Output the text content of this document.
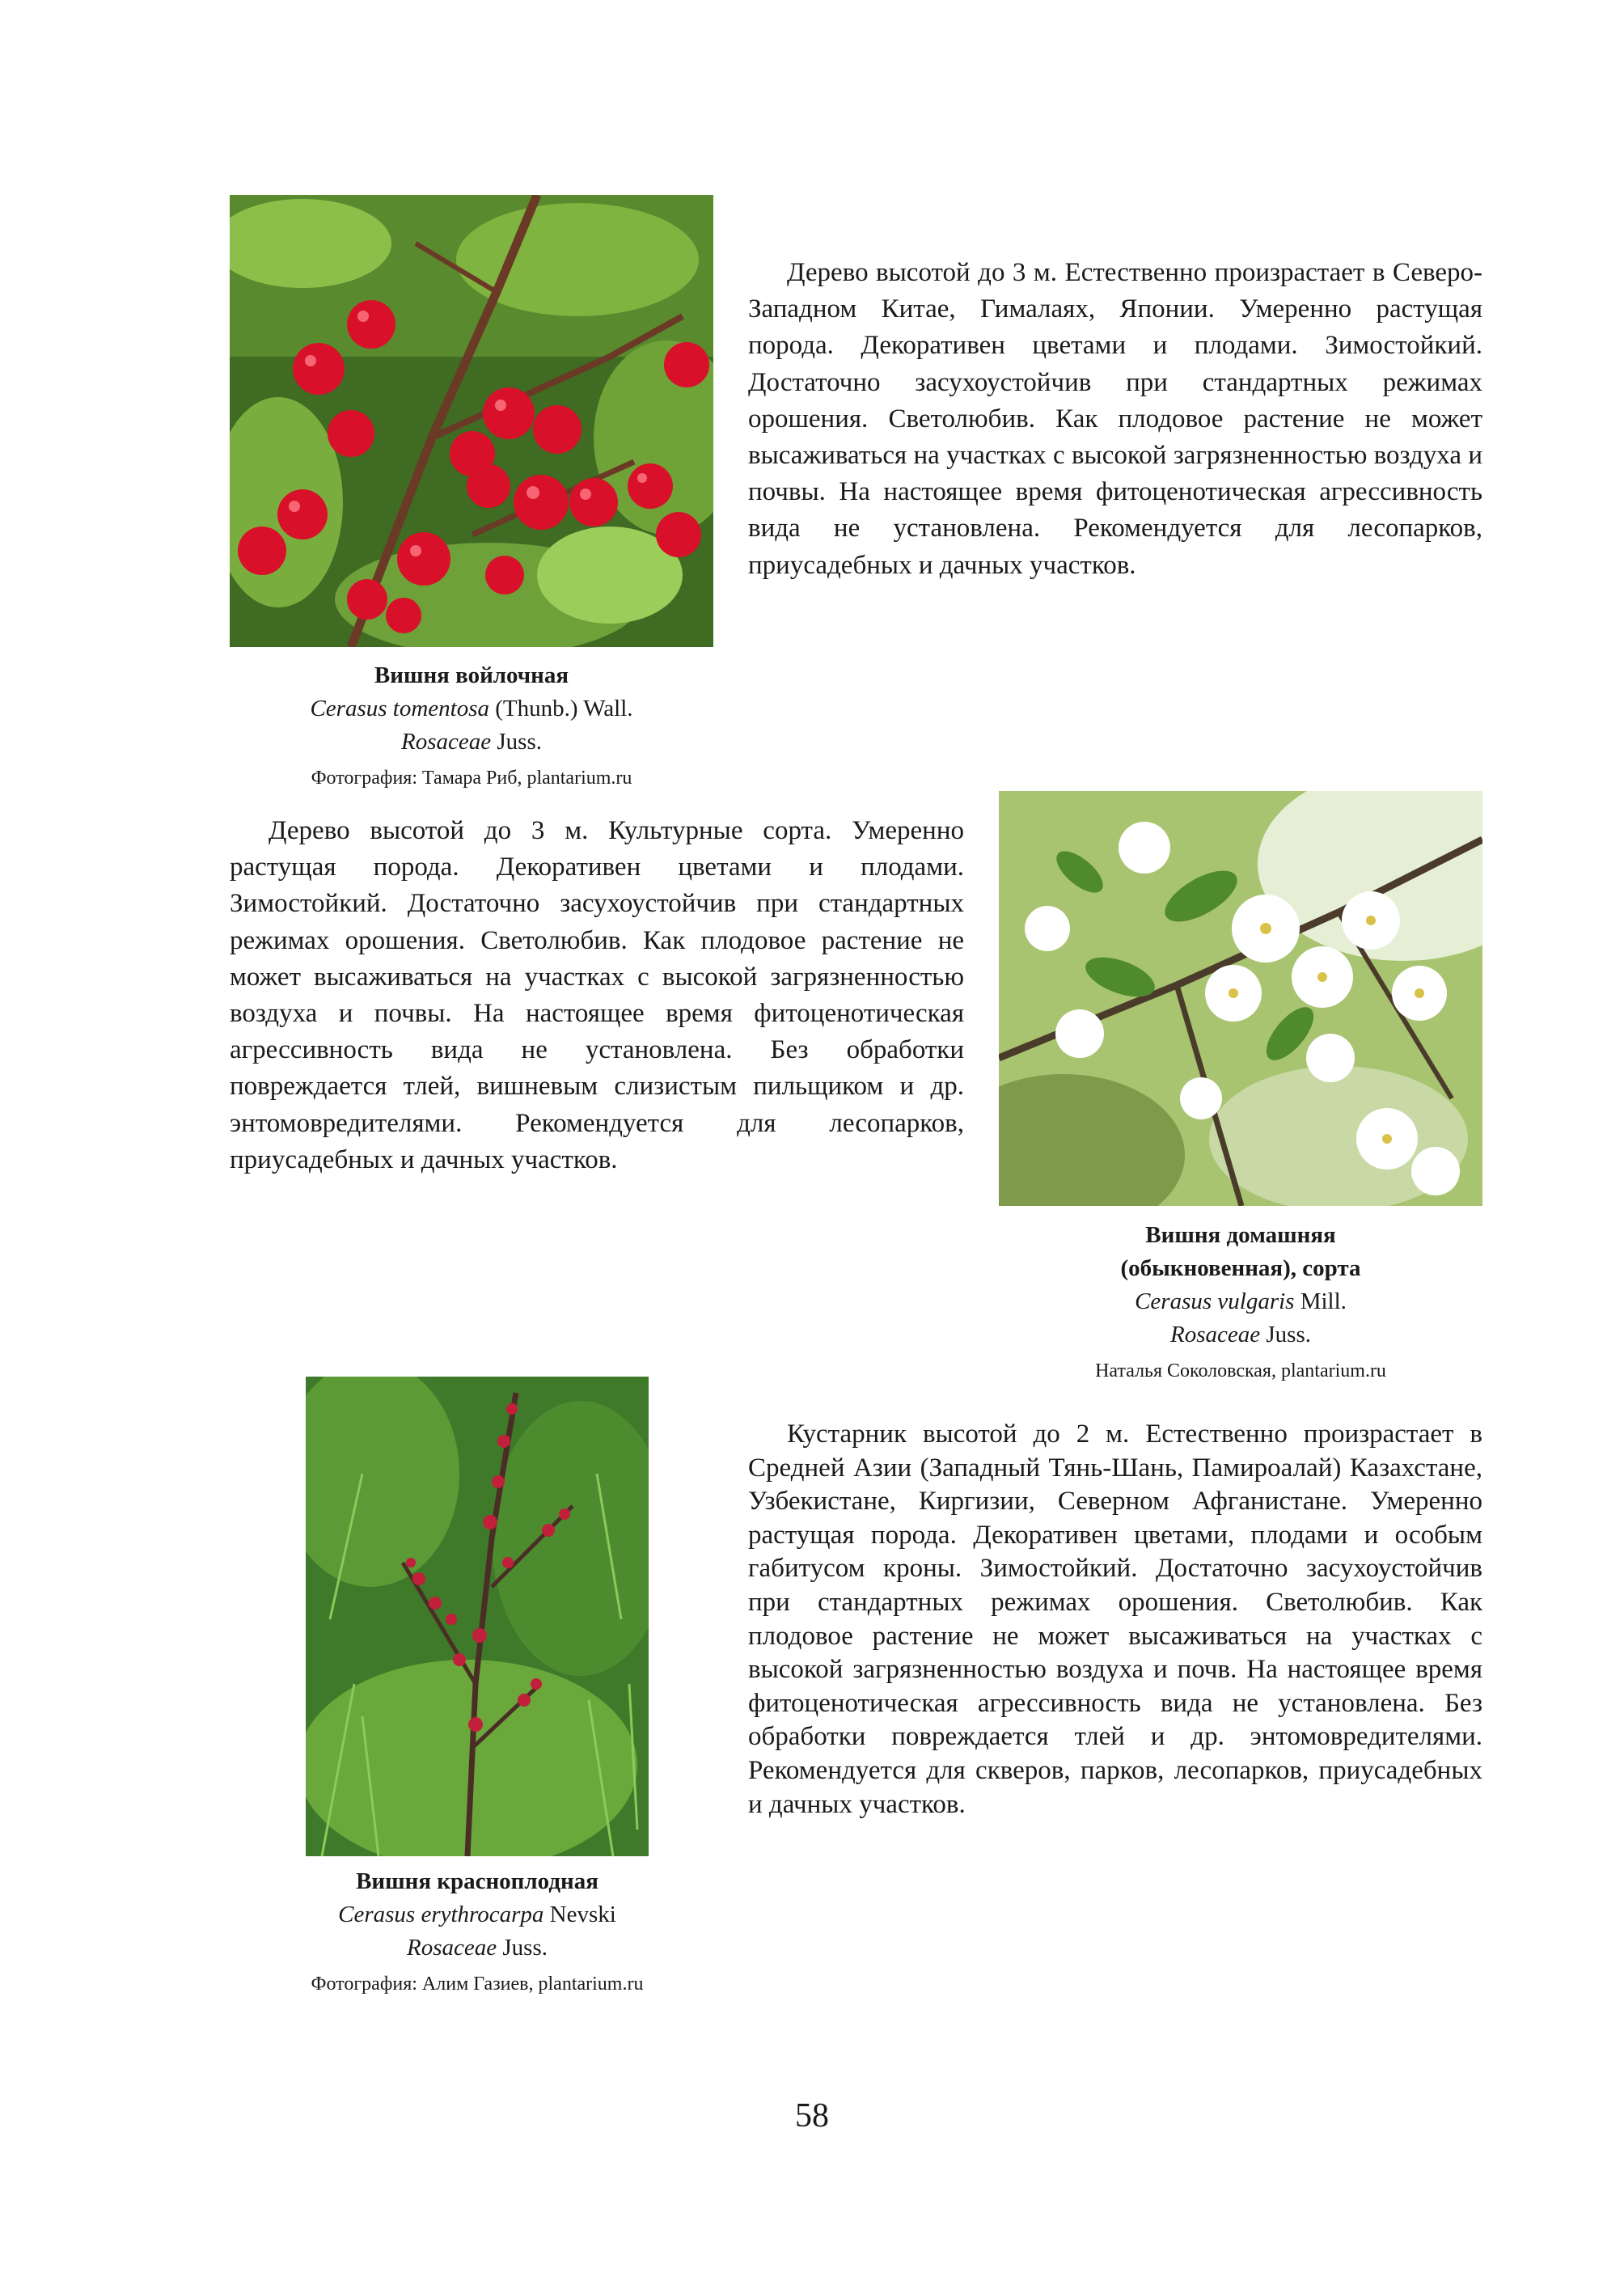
Дерево высотой до 3 м. Естественно произрастает в Северо-Западном Китае, Гималаях, Японии. Умеренно растущая порода. Декоративен цветами и плодами. Зимостойкий. Достаточно засухоустойчив при стандартных режимах орошения. Светолюбив. Как плодовое растение не может высаживаться на участках с высокой загрязненностью воздуха и почвы. На настоящее время фитоценотическая агрессивность вида не установлена. Рекомендуется для лесопарков, приусадебных и дачных участков.

Вишня войлочная
Cerasus tomentosa (Thunb.) Wall.
Rosaceae Juss.
Фотография: Тамара Риб, plantarium.ru

Дерево высотой до 3 м. Культурные сорта. Умеренно растущая порода. Декоративен цветами и плодами. Зимостойкий. Достаточно засухоустойчив при стандартных режимах орошения. Светолюбив. Как плодовое растение не может высаживаться на участках с высокой загрязненностью воздуха и почвы. На настоящее время фитоценотическая агрессивность вида не установлена. Без обработки повреждается тлей, вишневым слизистым пильщиком и др. энтомовредителями. Рекомендуется для лесопарков, приусадебных и дачных участков.

Вишня домашняя
(обыкновенная), сорта
Cerasus vulgaris Mill.
Rosaceae Juss.
Наталья Соколовская, plantarium.ru

Кустарник высотой до 2 м. Естественно произрастает в Средней Азии (Западный Тянь-Шань, Памироалай) Казахстане, Узбекистане, Киргизии, Северном Афганистане. Умеренно растущая порода. Декоративен цветами, плодами и особым габитусом кроны. Зимостойкий. Достаточно засухоустойчив при стандартных режимах орошения. Светолюбив. Как плодовое растение не может высаживаться на участках с высокой загрязненностью воздуха и почв. На настоящее время фитоценотическая агрессивность вида не установлена. Без обработки повреждается тлей и др. энтомовредителями. Рекомендуется для скверов, парков, лесопарков, приусадебных и дачных участков.

Вишня красноплодная
Cerasus erythrocarpa Nevski
Rosaceae Juss.
Фотография: Алим Газиев, plantarium.ru
58
